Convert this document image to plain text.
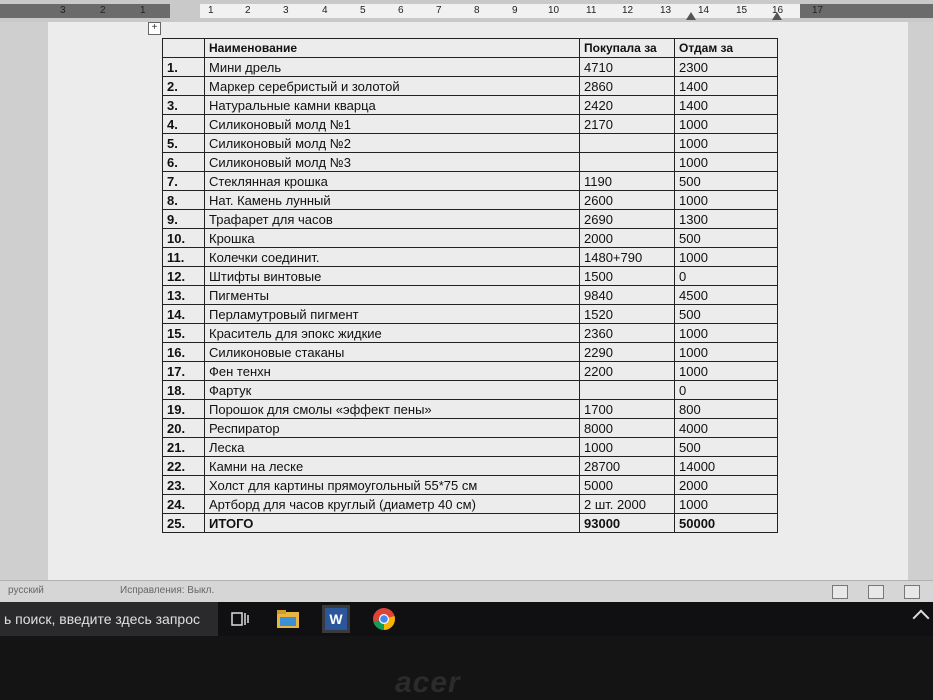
3	2	1	1	2	3	4	5	6	7	8	9	10	11	12	13	14	15 16	17
+
	Наименование	Покупала за	Отдам за
1.	Мини дрель	4710	2300
2.	Маркер серебристый и золотой	2860	1400
3.	Натуральные камни кварца	2420	1400
4.	Силиконовый молд №1	2170	1000
5.	Силиконовый молд №2		1000
6.	Силиконовый молд №3		1000
7.	Стеклянная крошка	1190	500
8.	Нат. Камень лунный	2600	1000
9.	Трафарет для часов	2690	1300
10.	Крошка	2000	500
11.	Колечки соединит.	1480+790	1000
12.	Штифты винтовые	1500	0
13.	Пигменты	9840	4500
14.	Перламутровый пигмент	1520	500
15.	Краситель для эпокс жидкие	2360	1000
16.	Силиконовые стаканы	2290	1000
17.	Фен тенхн	2200	1000
18.	Фартук		0
19.	Порошок для смолы «эффект пены»	1700	800
20.	Респиратор	8000	4000
21.	Леска	1000	500
22.	Камни на леске	28700	14000
23.	Холст для картины прямоугольный 55*75 см	5000	2000
24.	Артборд для часов круглый (диаметр 40 см)	2 шт. 2000	1000
25.	ИТОГО	93000	50000
русский	Исправления: Выкл.
ь поиск, введите здесь запрос	W
acer
